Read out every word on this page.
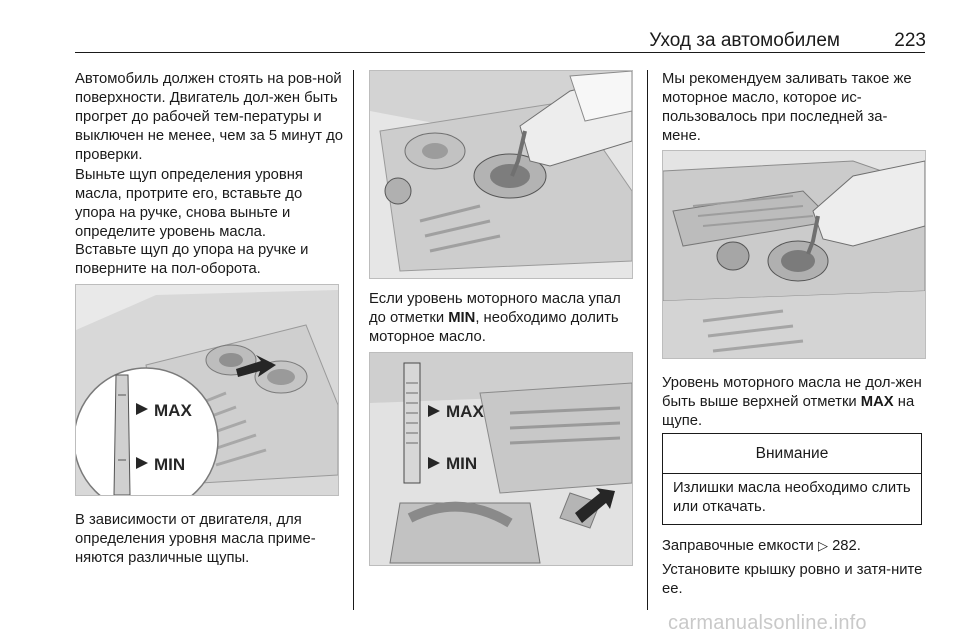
Уход за автомобилем	223

Автомобиль должен стоять на ров-ной поверхности. Двигатель дол-жен быть прогрет до рабочей тем-пературы и выключен не менее, чем за 5 минут до проверки.

Выньте щуп определения уровня масла, протрите его, вставьте до упора на ручке, снова выньте и определите уровень масла.

Вставьте щуп до упора на ручке и поверните на пол-оборота.

MAX
MIN

В зависимости от двигателя, для определения уровня масла приме-няются различные щупы.

Если уровень моторного масла упал до отметки MIN, необходимо долить моторное масло.

MAX
MIN

Мы рекомендуем заливать такое же моторное масло, которое ис-пользовалось при последней за-мене.

Уровень моторного масла не дол-жен быть выше верхней отметки MAX на щупе.

Внимание
Излишки масла необходимо слить или откачать.

Заправочные емкости ▷ 282.

Установите крышку ровно и затя-ните ее.

carmanualsonline.info
